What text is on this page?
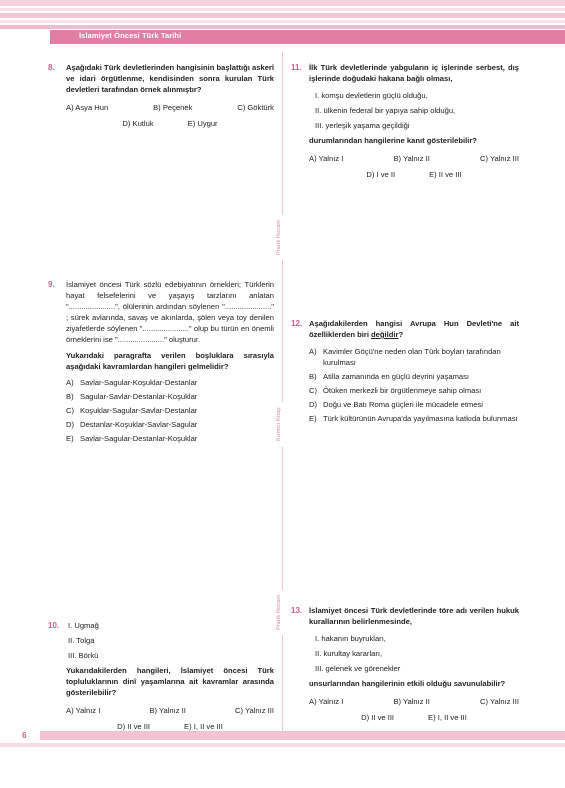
İslamiyet Öncesi Türk Tarihi
Pratik Hocam
Kırmızı Kitap
Pratik Hocam
8. Aşağıdaki Türk devletlerinden hangisinin başlattığı askerî ve idari örgütlenme, kendisinden sonra kurulan Türk devletleri tarafından örnek alınmıştır?
A) Asya Hun	B) Peçenek	C) Göktürk
D) Kutluk	E) Uygur
9. İslamiyet öncesi Türk sözlü edebiyatının örnekleri; Türklerin hayat felsefelerini ve yaşayış tarzlarını anlatan "......................", ölülerinin ardından söylenen "......................" ; sürek avlarında, savaş ve akınlarda, şölen veya toy denilen ziyafetlerde söylenen "......................" olup bu türün en önemli örneklerini ise "......................" oluşturur.
Yukarıdaki paragrafta verilen boşluklara sırasıyla aşağıdaki kavramlardan hangileri gelmelidir?
A) Savlar-Sagular-Koşuklar-Destanlar
B) Sagular-Savlar-Destanlar-Koşuklar
C) Koşuklar-Sagular-Savlar-Destanlar
D) Destanlar-Koşuklar-Savlar-Sagular
E) Savlar-Sagular-Destanlar-Koşuklar
10. I. Ugmağ
II. Tolga
III. Börkü
Yukarıdakilerden hangileri, İslamiyet öncesi Türk topluluklarının dinî yaşamlarına ait kavramlar arasında gösterilebilir?
A) Yalnız I	B) Yalnız II	C) Yalnız III
D) II ve III	E) I, II ve III
11. İlk Türk devletlerinde yabguların iç işlerinde serbest, dış işlerinde doğudaki hakana bağlı olması,
I. komşu devletlerin güçlü olduğu,
II. ülkenin federal bir yapıya sahip olduğu,
III. yerleşik yaşama geçildiği
durumlarından hangilerine kanıt gösterilebilir?
A) Yalnız I	B) Yalnız II	C) Yalnız III
D) I ve II	E) II ve III
12. Aşağıdakilerden hangisi Avrupa Hun Devleti'ne ait özelliklerden biri değildir?
A) Kavimler Göçü'ne neden olan Türk boyları tarafından kurulması
B) Atilla zamanında en güçlü devrini yaşaması
C) Ötüken merkezli bir örgütlenmeye sahip olması
D) Doğu ve Batı Roma güçleri ile mücadele etmesi
E) Türk kültürünün Avrupa'da yayılmasına katkıda bulunması
13. İslamiyet öncesi Türk devletlerinde töre adı verilen hukuk kurallarının belirlenmesinde,
I. hakanın buyrukları,
II. kurultay kararları,
III. gelenek ve görenekler
unsurlarından hangilerinin etkili olduğu savunulabilir?
A) Yalnız I	B) Yalnız II	C) Yalnız III
D) II ve III	E) I, II ve III
6
